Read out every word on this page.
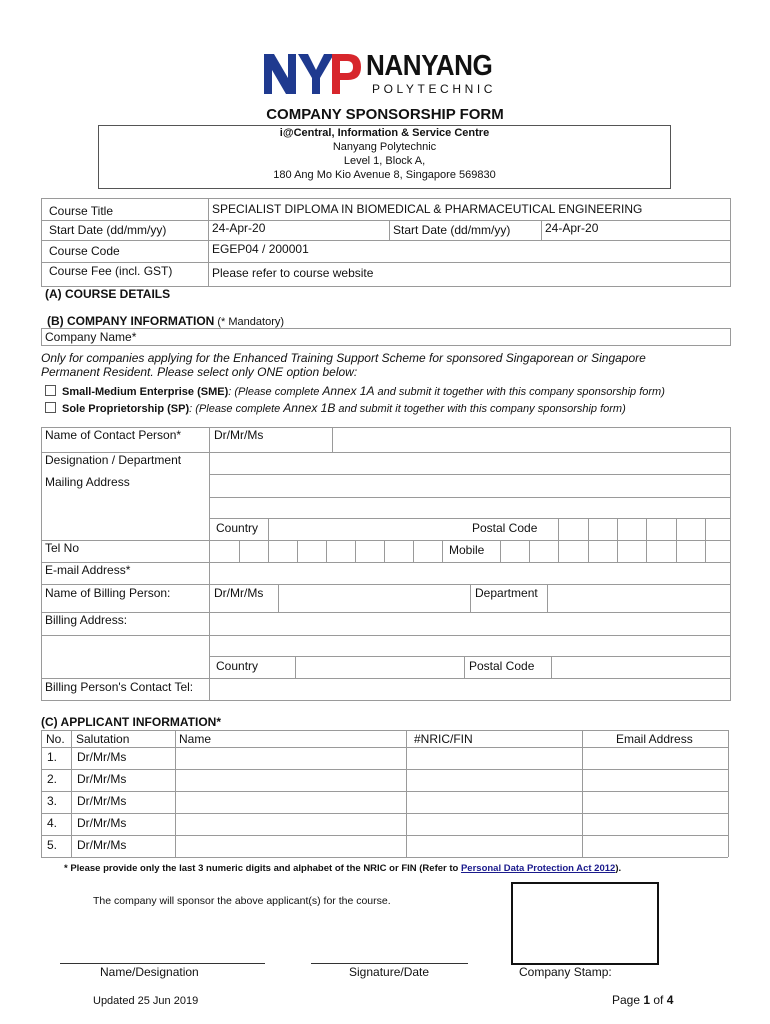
NANYANG
POLYTECHNIC
COMPANY SPONSORSHIP FORM
i@Central, Information & Service Centre
Nanyang Polytechnic
Level 1, Block A,
180 Ang Mo Kio Avenue 8, Singapore 569830
Course Title	SPECIALIST DIPLOMA IN BIOMEDICAL & PHARMACEUTICAL ENGINEERING
Start Date (dd/mm/yy)	24-Apr-20	Start Date (dd/mm/yy)	24-Apr-20
Course Code	EGEP04 / 200001
Course Fee (incl. GST)	Please refer to course website
(A) COURSE DETAILS
(B) COMPANY INFORMATION (* Mandatory)
Company Name*
Only for companies applying for the Enhanced Training Support Scheme for sponsored Singaporean or Singapore
Permanent Resident. Please select only ONE option below:
Small-Medium Enterprise (SME): (Please complete Annex 1A and submit it together with this company sponsorship form)
Sole Proprietorship (SP): (Please complete Annex 1B and submit it together with this company sponsorship form)
Name of Contact Person*	Dr/Mr/Ms
Designation / Department
Mailing Address
Country	Postal Code
Tel No	Mobile
E-mail Address*
Name of Billing Person:	Dr/Mr/Ms	Department
Billing Address:
Country	Postal Code
Billing Person's Contact Tel:
(C) APPLICANT INFORMATION*
No. Salutation	Name	#NRIC/FIN	Email Address
1. Dr/Mr/Ms
2. Dr/Mr/Ms
3. Dr/Mr/Ms
4. Dr/Mr/Ms
5. Dr/Mr/Ms
* Please provide only the last 3 numeric digits and alphabet of the NRIC or FIN (Refer to Personal Data Protection Act 2012).
The company will sponsor the above applicant(s) for the course.
Name/Designation	Signature/Date	Company Stamp:
Updated 25 Jun 2019	Page 1 of 4
